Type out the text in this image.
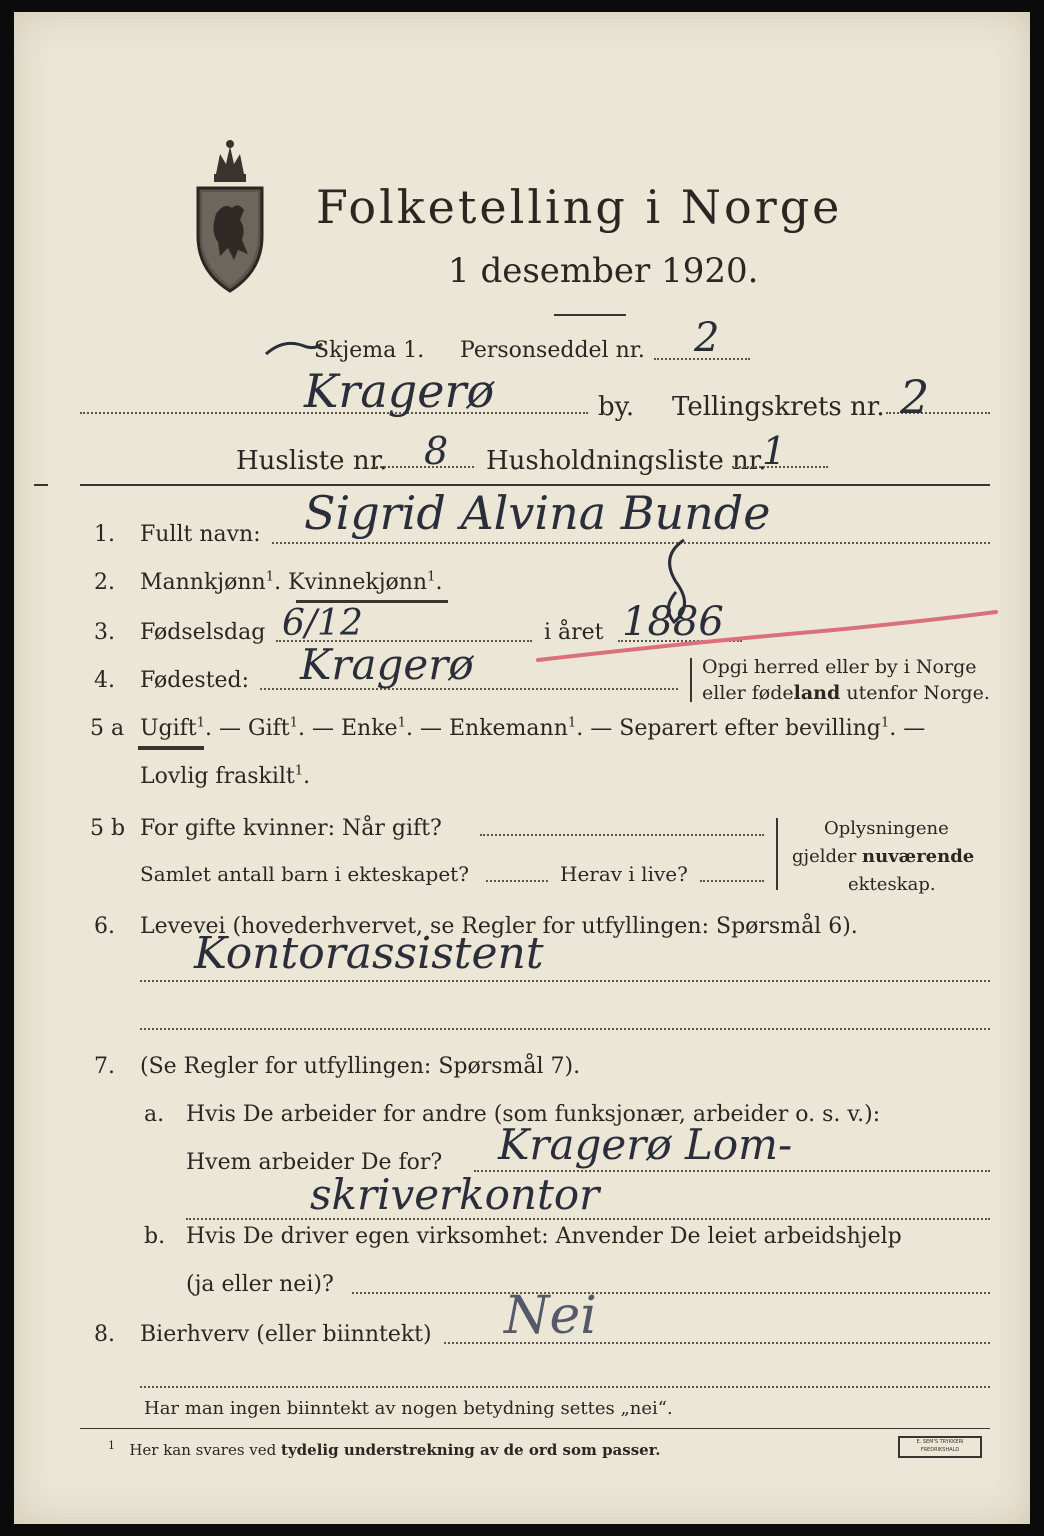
Folketelling i Norge
1 desember 1920.
Skjema 1. Personseddel nr. 2
Kragerø	by. Tellingskrets nr. 2
Husliste nr. 8 Husholdningsliste nr.
1
1. Fullt navn: Sigrid Alvina Bunde
2. Mannkjønn$^1$. Kvinnekjønn$^1$.
3. Fødselsdag 6/12	i året 1886
4. Fødested: Kragerø	Opgi herred eller by i Norge
eller fødeland utenfor Norge.
5 a Ugift$^1$. — Gift$^1$. — Enke$^1$. — Enkemann$^1$. — Separert efter bevilling$^1$. —
Lovlig fraskilt$^1$.
5 b For gifte kvinner: Når gift?
Samlet antall barn i ekteskapet?	Herav i live?
Oplysningene
gjelder nuværende
ekteskap.
6. Levevei (hovederhvervet, se Regler for utfyllingen: Spørsmål 6).
Kontorassistent
7. (Se Regler for utfyllingen: Spørsmål 7).
a. Hvis De arbeider for andre (som funksjonær, arbeider o. s. v.):
Hvem arbeider De for? Kragerø Lom-
skriverkontor
b. Hvis De driver egen virksomhet: Anvender De leiet arbeidshjelp
(ja eller nei)?
8. Bierhverv (eller biinntekt) Nei
Har man ingen biinntekt av nogen betydning settes „nei“.
$^1$ Her kan svares ved tydelig understrekning av de ord som passer.	E. SEM'S TRYKKERI
FREDRIKSHALD
